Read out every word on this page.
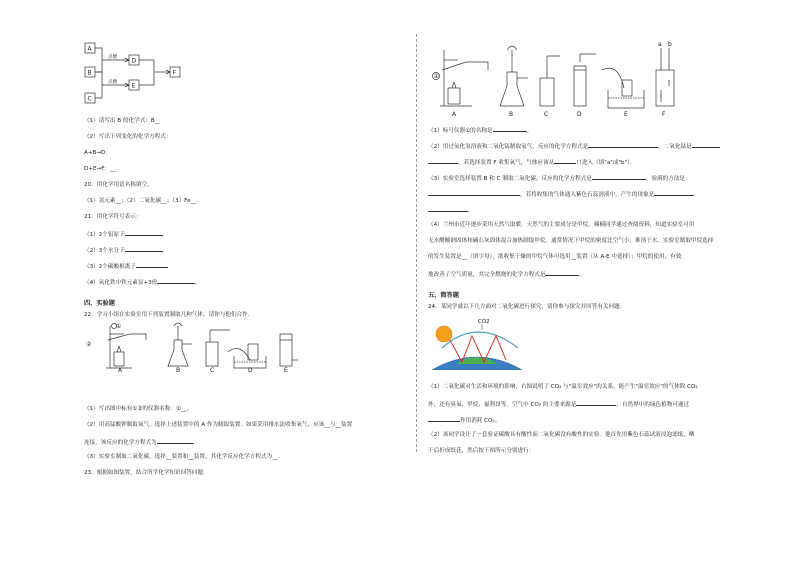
A
B
C
D
E
F
点燃
点燃
（1）请写出 B 的化学式：B__
（2）写出下列变化的化学方程式：
A+B→D：
D+E→F：__.
20．用化学用语名称填空。
（1）氢元素__；（2）二氧化碳__；（3）Fe__.
21．用化学符号表示：
（1）2个铝原子
（2）3个水分子
（3）2个碳酸根离子
（4）氧化铁中铁元素显+3价	。
四、实验题
22．学习小组在实验室用下列装置制取几种气体，请你与他们合作.
①
②
A	B	C	D	E
（1）写出图中标有①②的仪器名称：①__，
（2）用高锰酸钾制取氧气，选择上述装置中的 A 作为制取装置．如果采用排水法收集氧气，应该__与__装置
连接，该反应的化学方程式为	．
（3）实验室制取二氧化碳，选择__装置和__装置，其化学反应化学方程式为__．
23．根据如图装置，结合所学化学知识回答问题．
①
A	B	C	D	E	F
a b
（1）标号仪器①的名称是	。
（2）用过氧化氢溶液和二氧化锰制取氧气，反应的化学方程式是	，二氧化锰是
，若选择装置 F 收集氧气，气体应该从	口进入（填"a"或"b"）．
（3）实验室选择装置 B 和 C 制取二氧化碳，反应的化学方程式是	，验满的方法是
，若将收集的气体通入紫色石蕊溶液中，产生的现象是
。
（4）兰州市近年逐步采用天然气取暖。天然气的主要成分是甲烷，楠楠同学通过查阅资料，知道实验室可用
无水醋酸钠固体和碱石灰固体混合加热制取甲烷。通常情况下甲烷的密度比空气小，难溶于水。实验室制取甲烷选择
的发生装置是__（填字母），欲收集干燥的甲烷气体可选用__装置（从 A-E 中选择）；甲烷的使用，有效
地改善了空气质量，其完全燃烧的化学方程式是	。
五、简答题
24．某同学就以下几方面对二氧化碳进行探究，请你参与探究并回答有关问题：
CO2
（1）二氧化碳对生活和环境的影响，右图说明了 CO₂ 与"温室效应"的关系，能产生"温室效应"的气体除 CO₂
外，还有臭氧、甲烷、氟利昂等。空气中 CO₂ 的主要来源是	，自然界中的绿色植物可通过
作用消耗 CO₂。
（2）该同学设计了一套验证碳酸具有酸性而二氧化碳没有酸性的实验。他首先用紫色石蕊试液浸泡滤纸，晒
干后折成纸花，然后按下图所示分别进行：
